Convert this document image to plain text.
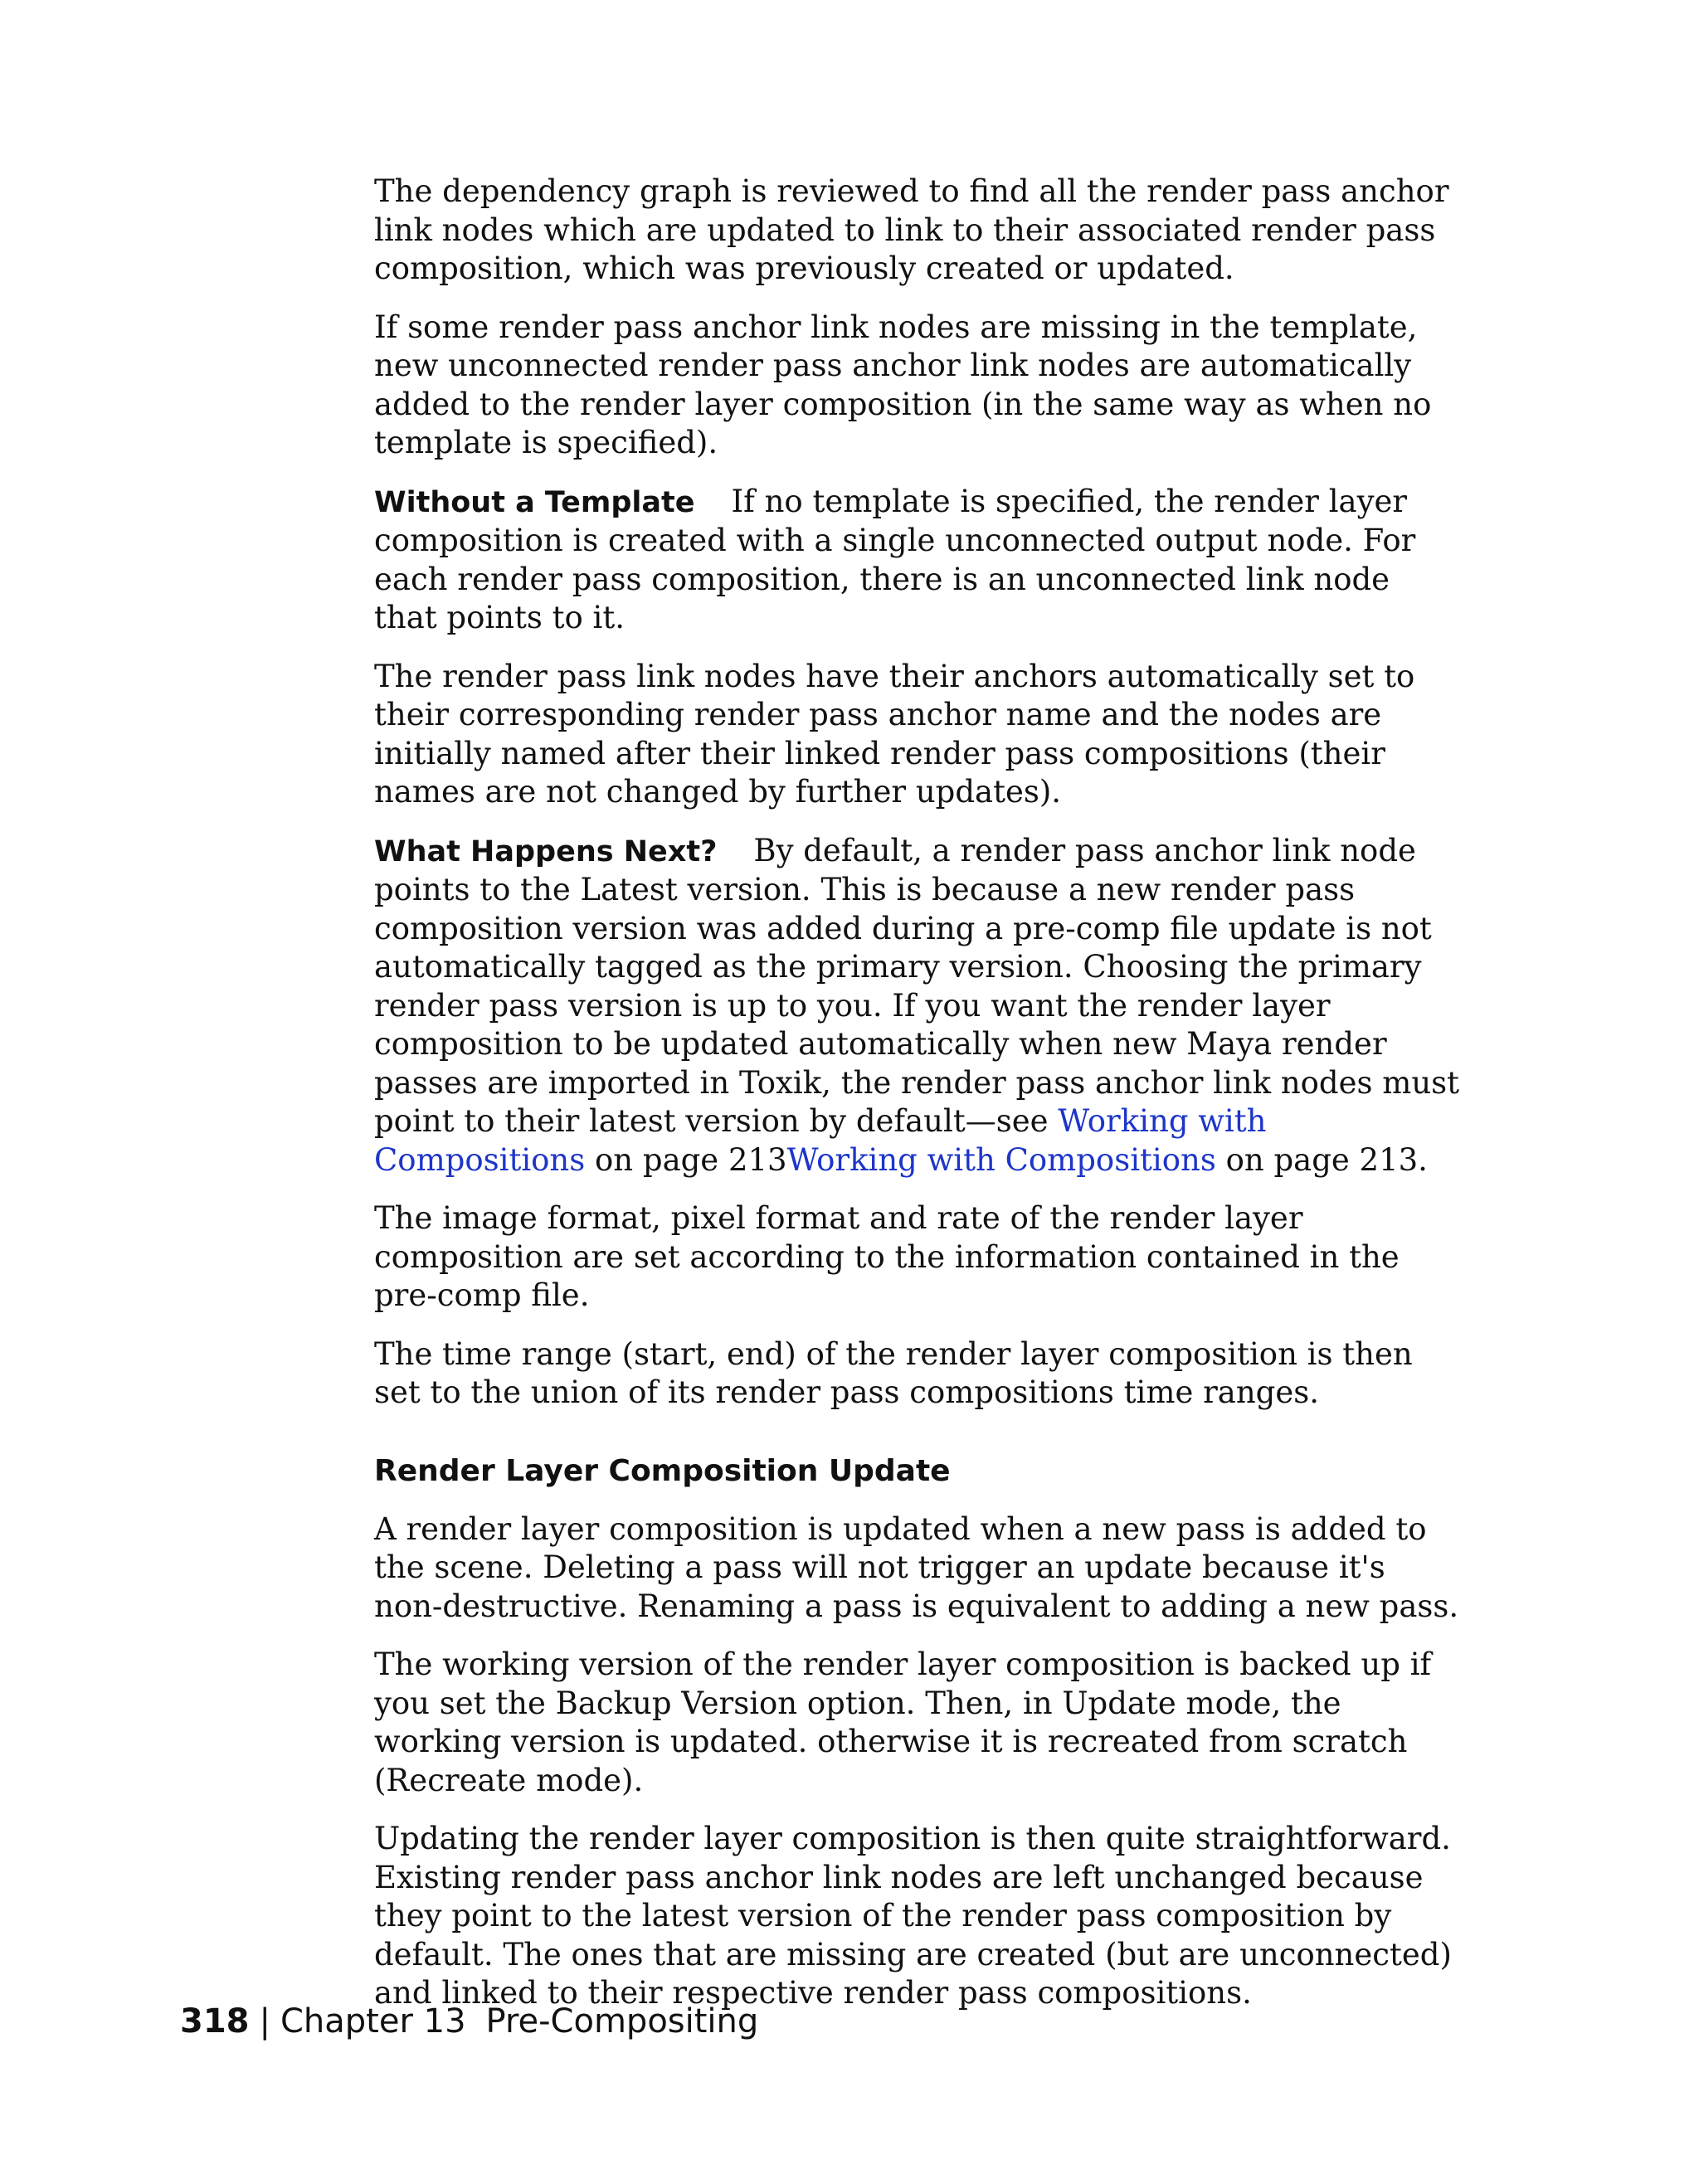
The dependency graph is reviewed to find all the render pass anchor link nodes which are updated to link to their associated render pass composition, which was previously created or updated.

If some render pass anchor link nodes are missing in the template, new unconnected render pass anchor link nodes are automatically added to the render layer composition (in the same way as when no template is specified).

Without a Template If no template is specified, the render layer composition is created with a single unconnected output node. For each render pass composition, there is an unconnected link node that points to it.

The render pass link nodes have their anchors automatically set to their corresponding render pass anchor name and the nodes are initially named after their linked render pass compositions (their names are not changed by further updates).

What Happens Next? By default, a render pass anchor link node points to the Latest version. This is because a new render pass composition version was added during a pre-comp file update is not automatically tagged as the primary version. Choosing the primary render pass version is up to you. If you want the render layer composition to be updated automatically when new Maya render passes are imported in Toxik, the render pass anchor link nodes must point to their latest version by default—see Working with Compositions on page 213Working with Compositions on page 213.

The image format, pixel format and rate of the render layer composition are set according to the information contained in the pre-comp file.

The time range (start, end) of the render layer composition is then set to the union of its render pass compositions time ranges.

Render Layer Composition Update

A render layer composition is updated when a new pass is added to the scene. Deleting a pass will not trigger an update because it's non-destructive. Renaming a pass is equivalent to adding a new pass.

The working version of the render layer composition is backed up if you set the Backup Version option. Then, in Update mode, the working version is updated. otherwise it is recreated from scratch (Recreate mode).

Updating the render layer composition is then quite straightforward. Existing render pass anchor link nodes are left unchanged because they point to the latest version of the render pass composition by default. The ones that are missing are created (but are unconnected) and linked to their respective render pass compositions.

318 | Chapter 13 Pre-Compositing
